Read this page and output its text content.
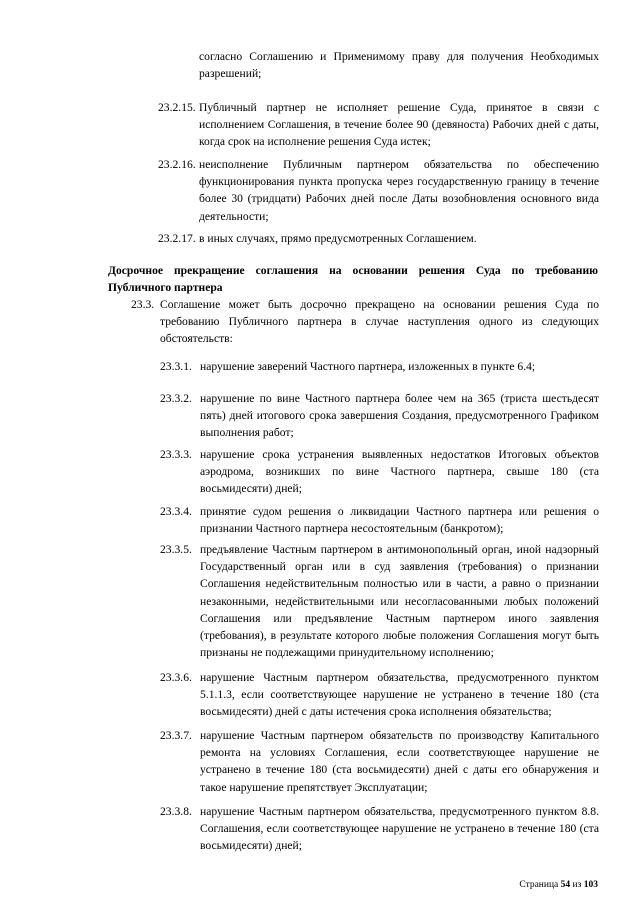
согласно Соглашению и Применимому праву для получения Необходимых разрешений;
23.2.15. Публичный партнер не исполняет решение Суда, принятое в связи с исполнением Соглашения, в течение более 90 (девяноста) Рабочих дней с даты, когда срок на исполнение решения Суда истек;
23.2.16. неисполнение Публичным партнером обязательства по обеспечению функционирования пункта пропуска через государственную границу в течение более 30 (тридцати) Рабочих дней после Даты возобновления основного вида деятельности;
23.2.17. в иных случаях, прямо предусмотренных Соглашением.
Досрочное прекращение соглашения на основании решения Суда по требованию Публичного партнера
23.3. Соглашение может быть досрочно прекращено на основании решения Суда по требованию Публичного партнера в случае наступления одного из следующих обстоятельств:
23.3.1. нарушение заверений Частного партнера, изложенных в пункте 6.4;
23.3.2. нарушение по вине Частного партнера более чем на 365 (триста шестьдесят пять) дней итогового срока завершения Создания, предусмотренного Графиком выполнения работ;
23.3.3. нарушение срока устранения выявленных недостатков Итоговых объектов аэродрома, возникших по вине Частного партнера, свыше 180 (ста восьмидесяти) дней;
23.3.4. принятие судом решения о ликвидации Частного партнера или решения о признании Частного партнера несостоятельным (банкротом);
23.3.5. предъявление Частным партнером в антимонопольный орган, иной надзорный Государственный орган или в суд заявления (требования) о признании Соглашения недействительным полностью или в части, а равно о признании незаконными, недействительными или несогласованными любых положений Соглашения или предъявление Частным партнером иного заявления (требования), в результате которого любые положения Соглашения могут быть признаны не подлежащими принудительному исполнению;
23.3.6. нарушение Частным партнером обязательства, предусмотренного пунктом 5.1.1.3, если соответствующее нарушение не устранено в течение 180 (ста восьмидесяти) дней с даты истечения срока исполнения обязательства;
23.3.7. нарушение Частным партнером обязательств по производству Капитального ремонта на условиях Соглашения, если соответствующее нарушение не устранено в течение 180 (ста восьмидесяти) дней с даты его обнаружения и такое нарушение препятствует Эксплуатации;
23.3.8. нарушение Частным партнером обязательства, предусмотренного пунктом 8.8. Соглашения, если соответствующее нарушение не устранено в течение 180 (ста восьмидесяти) дней;
Страница 54 из 103
